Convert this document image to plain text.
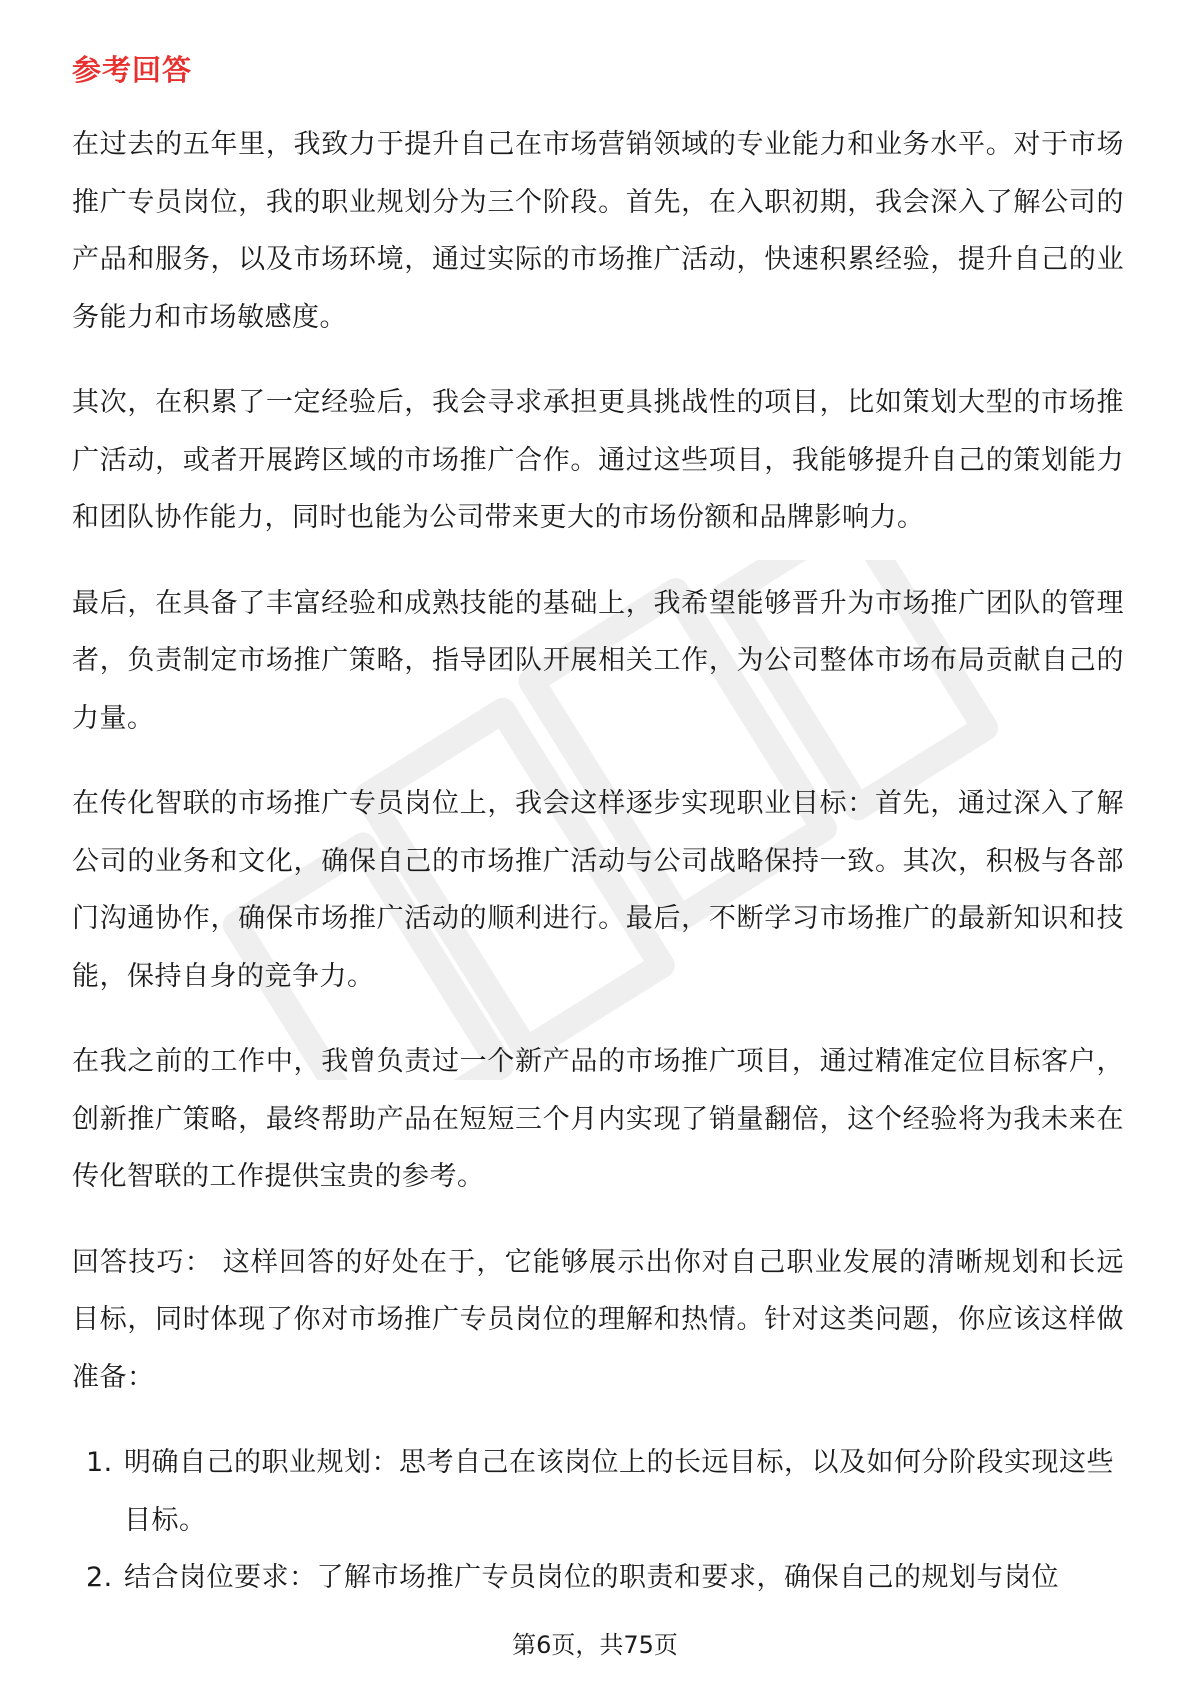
参考回答

在过去的五年里，我致力于提升自己在市场营销领域的专业能力和业务水平。对于市场推广专员岗位，我的职业规划分为三个阶段。首先，在入职初期，我会深入了解公司的产品和服务，以及市场环境，通过实际的市场推广活动，快速积累经验，提升自己的业务能力和市场敏感度。

其次，在积累了一定经验后，我会寻求承担更具挑战性的项目，比如策划大型的市场推广活动，或者开展跨区域的市场推广合作。通过这些项目，我能够提升自己的策划能力和团队协作能力，同时也能为公司带来更大的市场份额和品牌影响力。

最后，在具备了丰富经验和成熟技能的基础上，我希望能够晋升为市场推广团队的管理者，负责制定市场推广策略，指导团队开展相关工作，为公司整体市场布局贡献自己的力量。

在传化智联的市场推广专员岗位上，我会这样逐步实现职业目标：首先，通过深入了解公司的业务和文化，确保自己的市场推广活动与公司战略保持一致。其次，积极与各部门沟通协作，确保市场推广活动的顺利进行。最后，不断学习市场推广的最新知识和技能，保持自身的竞争力。

在我之前的工作中，我曾负责过一个新产品的市场推广项目，通过精准定位目标客户，创新推广策略，最终帮助产品在短短三个月内实现了销量翻倍，这个经验将为我未来在传化智联的工作提供宝贵的参考。

回答技巧： 这样回答的好处在于，它能够展示出你对自己职业发展的清晰规划和长远目标，同时体现了你对市场推广专员岗位的理解和热情。针对这类问题，你应该这样做准备：

1. 明确自己的职业规划：思考自己在该岗位上的长远目标，以及如何分阶段实现这些目标。
2. 结合岗位要求：了解市场推广专员岗位的职责和要求，确保自己的规划与岗位
第6页，共75页
